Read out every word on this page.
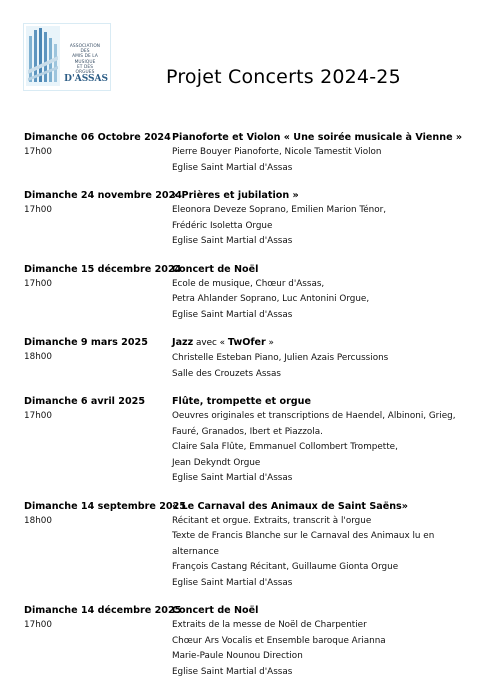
ASSOCIATION
DES
AMIS DE LA
MUSIQUE
ET DES
ORGUES
D'ASSAS	Projet Concerts 2024-25
Dimanche 06 Octobre 2024
17h00
Pianoforte et Violon « Une soirée musicale à Vienne »
Pierre Bouyer Pianoforte, Nicole Tamestit Violon
Eglise Saint Martial d'Assas
Dimanche 24 novembre 2024
17h00
« Prières et jubilation »
Eleonora Deveze Soprano, Emilien Marion Ténor,
Frédéric Isoletta Orgue
Eglise Saint Martial d'Assas
Dimanche 15 décembre 2024
17h00
Concert de Noël
Ecole de musique, Chœur d'Assas,
Petra Ahlander Soprano, Luc Antonini Orgue,
Eglise Saint Martial d'Assas
Dimanche 9 mars 2025
18h00
Jazz avec « TwOfer »
Christelle Esteban Piano, Julien Azais Percussions
Salle des Crouzets Assas
Dimanche 6 avril 2025
17h00
Flûte, trompette et orgue
Oeuvres originales et transcriptions de Haendel, Albinoni, Grieg,
Fauré, Granados, Ibert et Piazzola.
Claire Sala Flûte, Emmanuel Collombert Trompette,
Jean Dekyndt Orgue
Eglise Saint Martial d'Assas
Dimanche 14 septembre 2025
18h00
« Le Carnaval des Animaux de Saint Saëns»
Récitant et orgue. Extraits, transcrit à l'orgue
Texte de Francis Blanche sur le Carnaval des Animaux lu en
alternance
François Castang Récitant, Guillaume Gionta Orgue
Eglise Saint Martial d'Assas
Dimanche 14 décembre 2025
17h00
Concert de Noël
Extraits de la messe de Noël de Charpentier
Chœur Ars Vocalis et Ensemble baroque Arianna
Marie-Paule Nounou Direction
Eglise Saint Martial d'Assas
